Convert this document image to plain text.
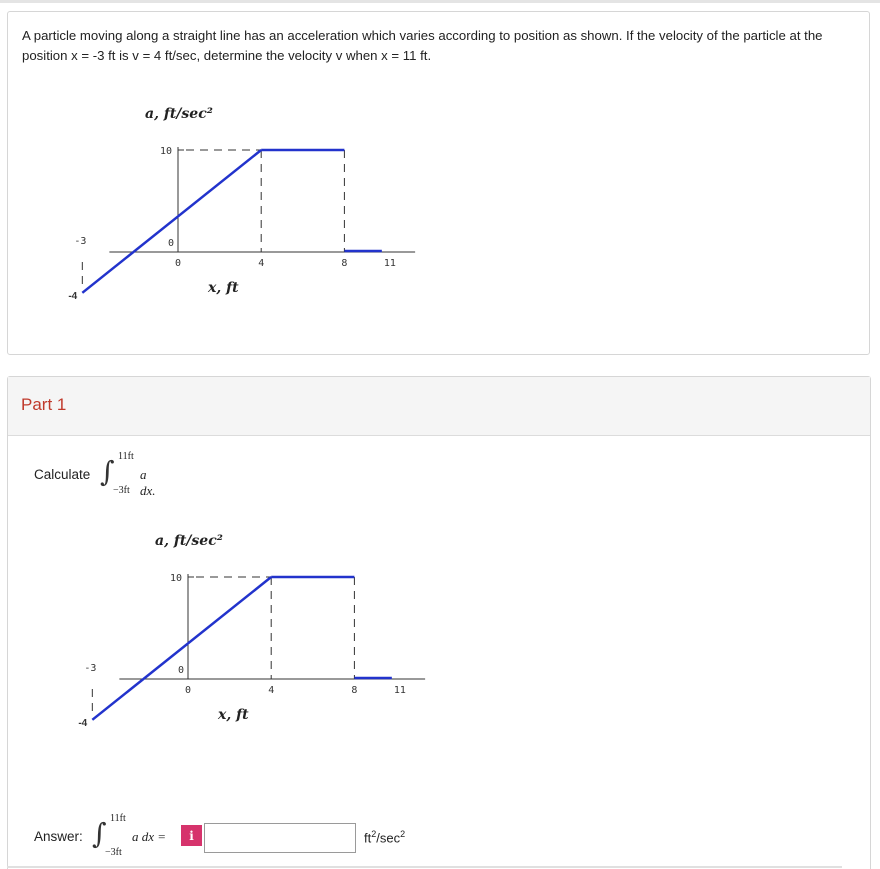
A particle moving along a straight line has an acceleration which varies according to position as shown. If the velocity of the particle at the position x = -3 ft is v = 4 ft/sec, determine the velocity v when x = 11 ft.
a, ft/sec²
10
0
-3
0	4	8	11
-4
x, ft
Part 1
Calculate ∫ 11ft
−3ft
a dx.
a, ft/sec²
10
0
-3
0	4	8	11
-4
x, ft
Answer: ∫ 11ft
−3ft
a dx =	i	$ft^2/\sec^2$
